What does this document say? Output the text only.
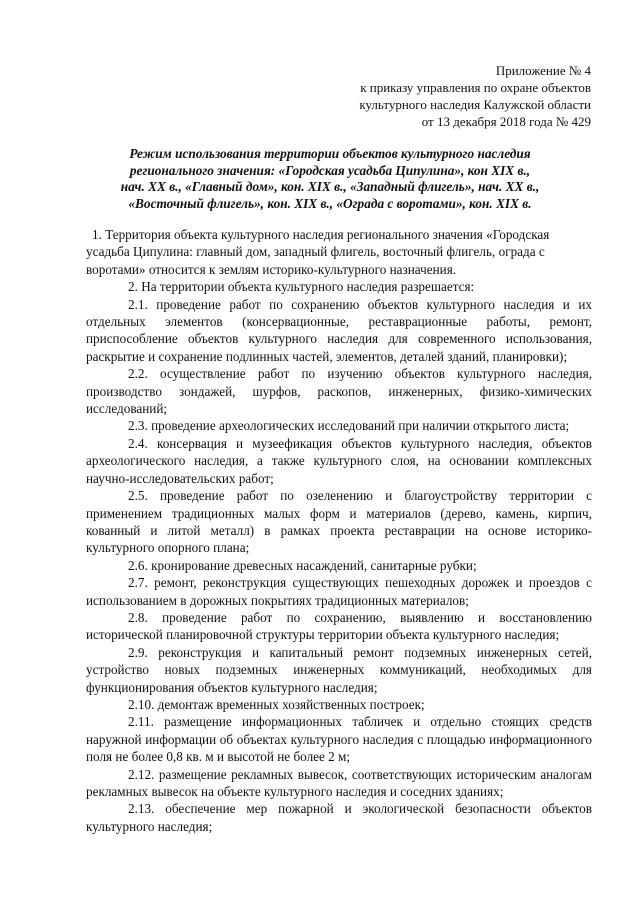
Приложение № 4
к приказу управления по охране объектов
культурного наследия Калужской области
от 13 декабря 2018 года № 429
Режим использования территории объектов культурного наследия
регионального значения: «Городская усадьба Ципулина», кон XIX в.,
нач. XX в., «Главный дом», кон. XIX в., «Западный флигель», нач. XX в.,
«Восточный флигель», кон. XIX в., «Ограда с воротами», кон. XIX в.

1. Территория объекта культурного наследия регионального значения «Городская усадьба Ципулина: главный дом, западный флигель, восточный флигель, ограда с воротами» относится к землям историко-культурного назначения.

2. На территории объекта культурного наследия разрешается:

2.1. проведение работ по сохранению объектов культурного наследия и их отдельных элементов (консервационные, реставрационные работы, ремонт, приспособление объектов культурного наследия для современного использования, раскрытие и сохранение подлинных частей, элементов, деталей зданий, планировки);

2.2. осуществление работ по изучению объектов культурного наследия, производство зондажей, шурфов, раскопов, инженерных, физико-химических исследований;

2.3. проведение археологических исследований при наличии открытого листа;

2.4. консервация и музеефикация объектов культурного наследия, объектов археологического наследия, а также культурного слоя, на основании комплексных научно-исследовательских работ;

2.5. проведение работ по озеленению и благоустройству территории с применением традиционных малых форм и материалов (дерево, камень, кирпич, кованный и литой металл) в рамках проекта реставрации на основе историко-культурного опорного плана;

2.6. кронирование древесных насаждений, санитарные рубки;

2.7. ремонт, реконструкция существующих пешеходных дорожек и проездов с использованием в дорожных покрытиях традиционных материалов;

2.8. проведение работ по сохранению, выявлению и восстановлению исторической планировочной структуры территории объекта культурного наследия;

2.9. реконструкция и капитальный ремонт подземных инженерных сетей, устройство новых подземных инженерных коммуникаций, необходимых для функционирования объектов культурного наследия;

2.10. демонтаж временных хозяйственных построек;

2.11. размещение информационных табличек и отдельно стоящих средств наружной информации об объектах культурного наследия с площадью информационного поля не более 0,8 кв. м и высотой не более 2 м;

2.12. размещение рекламных вывесок, соответствующих историческим аналогам рекламных вывесок на объекте культурного наследия и соседних зданиях;

2.13. обеспечение мер пожарной и экологической безопасности объектов культурного наследия;
